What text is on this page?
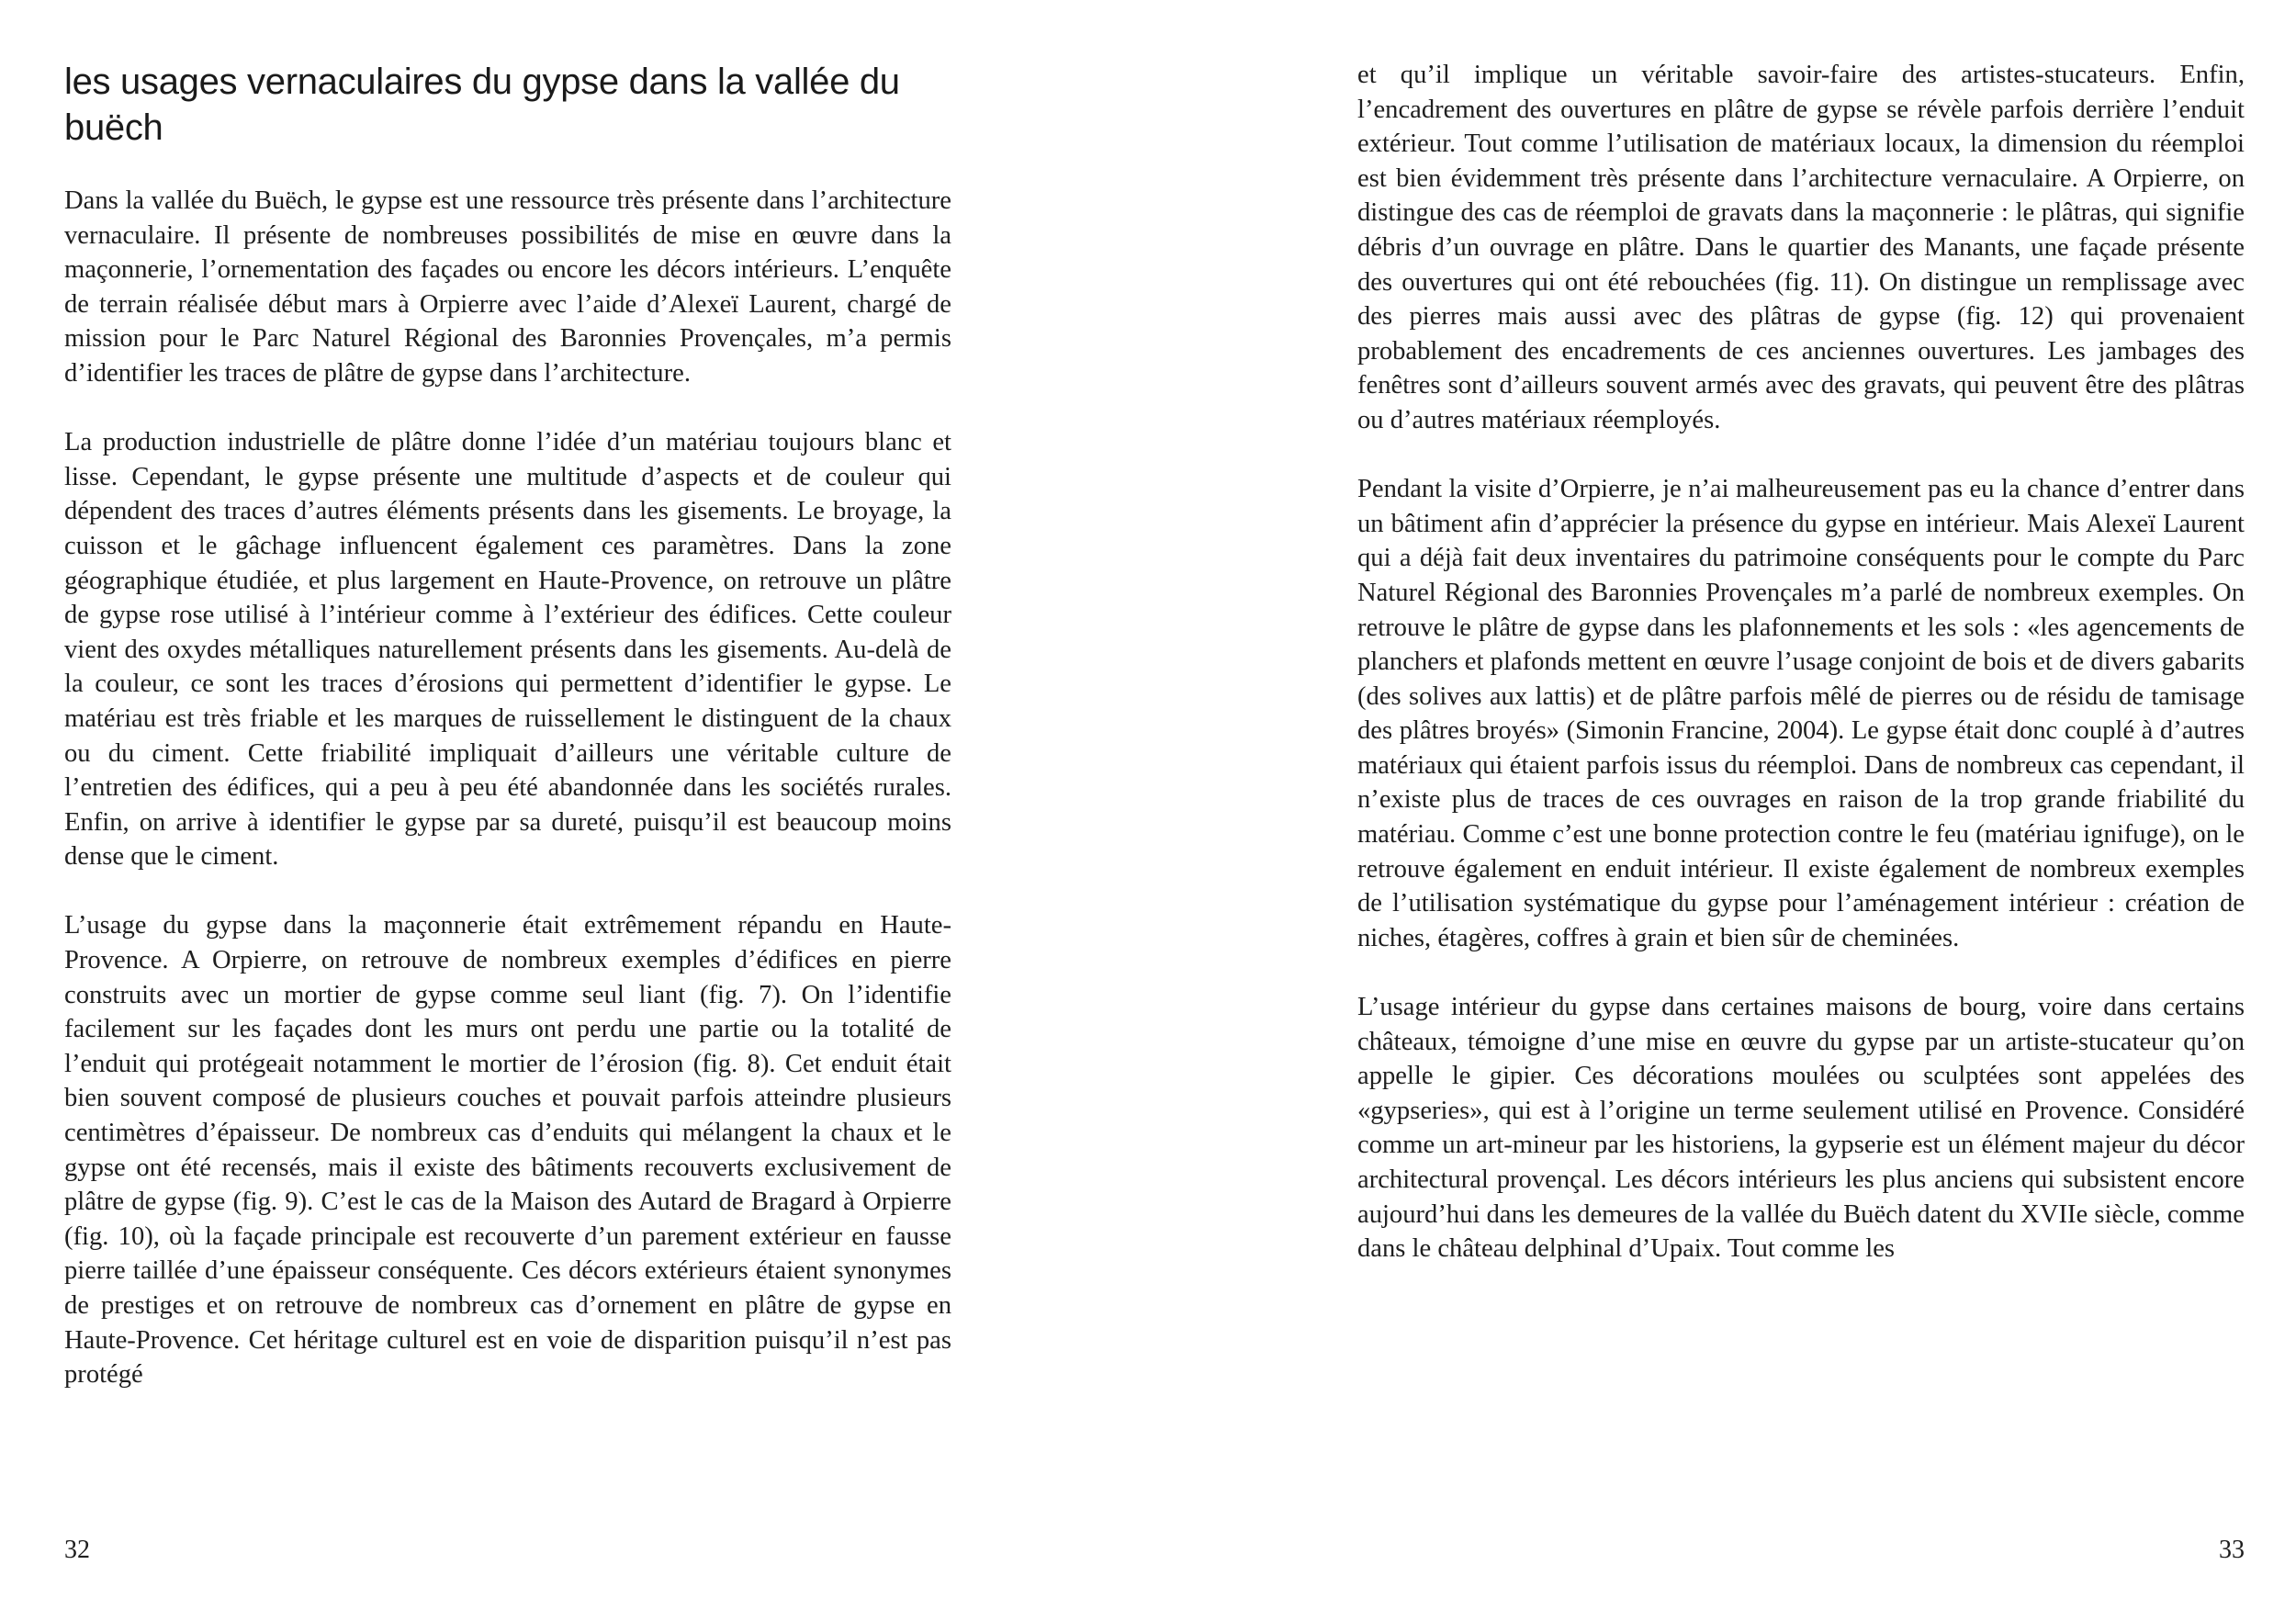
les usages vernaculaires du gypse dans la vallée du buëch

Dans la vallée du Buëch, le gypse est une ressource très présente dans l’architecture vernaculaire. Il présente de nombreuses possibilités de mise en œuvre dans la maçonnerie, l’ornementation des façades ou encore les décors intérieurs. L’enquête de terrain réalisée début mars à Orpierre avec l’aide d’Alexeï Laurent, chargé de mission pour le Parc Naturel Régional des Baronnies Provençales, m’a permis d’identifier les traces de plâtre de gypse dans l’architecture.

La production industrielle de plâtre donne l’idée d’un matériau toujours blanc et lisse. Cependant, le gypse présente une multitude d’aspects et de couleur qui dépendent des traces d’autres éléments présents dans les gisements. Le broyage, la cuisson et le gâchage influencent également ces paramètres. Dans la zone géographique étudiée, et plus largement en Haute-Provence, on retrouve un plâtre de gypse rose utilisé à l’intérieur comme à l’extérieur des édifices. Cette couleur vient des oxydes métalliques naturellement présents dans les gisements. Au-delà de la couleur, ce sont les traces d’érosions qui permettent d’identifier le gypse. Le matériau est très friable et les marques de ruissellement le distinguent de la chaux ou du ciment. Cette friabilité impliquait d’ailleurs une véritable culture de l’entretien des édifices, qui a peu à peu été abandonnée dans les sociétés rurales. Enfin, on arrive à identifier le gypse par sa dureté, puisqu’il est beaucoup moins dense que le ciment.

L’usage du gypse dans la maçonnerie était extrêmement répandu en Haute-Provence. A Orpierre, on retrouve de nombreux exemples d’édifices en pierre construits avec un mortier de gypse comme seul liant (fig. 7). On l’identifie facilement sur les façades dont les murs ont perdu une partie ou la totalité de l’enduit qui protégeait notamment le mortier de l’érosion (fig. 8). Cet enduit était bien souvent composé de plusieurs couches et pouvait parfois atteindre plusieurs centimètres d’épaisseur. De nombreux cas d’enduits qui mélangent la chaux et le gypse ont été recensés, mais il existe des bâtiments recouverts exclusivement de plâtre de gypse (fig. 9). C’est le cas de la Maison des Autard de Bragard à Orpierre (fig. 10), où la façade principale est recouverte d’un parement extérieur en fausse pierre taillée d’une épaisseur conséquente. Ces décors extérieurs étaient synonymes de prestiges et on retrouve de nombreux cas d’ornement en plâtre de gypse en Haute-Provence. Cet héritage culturel est en voie de disparition puisqu’il n’est pas protégé

32

et qu’il implique un véritable savoir-faire des artistes-stucateurs. Enfin, l’encadrement des ouvertures en plâtre de gypse se révèle parfois derrière l’enduit extérieur. Tout comme l’utilisation de matériaux locaux, la dimension du réemploi est bien évidemment très présente dans l’architecture vernaculaire. A Orpierre, on distingue des cas de réemploi de gravats dans la maçonnerie : le plâtras, qui signifie débris d’un ouvrage en plâtre. Dans le quartier des Manants, une façade présente des ouvertures qui ont été rebouchées (fig. 11). On distingue un remplissage avec des pierres mais aussi avec des plâtras de gypse (fig. 12) qui provenaient probablement des encadrements de ces anciennes ouvertures. Les jambages des fenêtres sont d’ailleurs souvent armés avec des gravats, qui peuvent être des plâtras ou d’autres matériaux réemployés.

Pendant la visite d’Orpierre, je n’ai malheureusement pas eu la chance d’entrer dans un bâtiment afin d’apprécier la présence du gypse en intérieur. Mais Alexeï Laurent qui a déjà fait deux inventaires du patrimoine conséquents pour le compte du Parc Naturel Régional des Baronnies Provençales m’a parlé de nombreux exemples. On retrouve le plâtre de gypse dans les plafonnements et les sols : «les agencements de planchers et plafonds mettent en œuvre l’usage conjoint de bois et de divers gabarits (des solives aux lattis) et de plâtre parfois mêlé de pierres ou de résidu de tamisage des plâtres broyés» (Simonin Francine, 2004). Le gypse était donc couplé à d’autres matériaux qui étaient parfois issus du réemploi. Dans de nombreux cas cependant, il n’existe plus de traces de ces ouvrages en raison de la trop grande friabilité du matériau. Comme c’est une bonne protection contre le feu (matériau ignifuge), on le retrouve également en enduit intérieur. Il existe également de nombreux exemples de l’utilisation systématique du gypse pour l’aménagement intérieur : création de niches, étagères, coffres à grain et bien sûr de cheminées.

L’usage intérieur du gypse dans certaines maisons de bourg, voire dans certains châteaux, témoigne d’une mise en œuvre du gypse par un artiste-stucateur qu’on appelle le gipier. Ces décorations moulées ou sculptées sont appelées des «gypseries», qui est à l’origine un terme seulement utilisé en Provence. Considéré comme un art-mineur par les historiens, la gypserie est un élément majeur du décor architectural provençal. Les décors intérieurs les plus anciens qui subsistent encore aujourd’hui dans les demeures de la vallée du Buëch datent du XVIIe siècle, comme dans le château delphinal d’Upaix. Tout comme les

33
